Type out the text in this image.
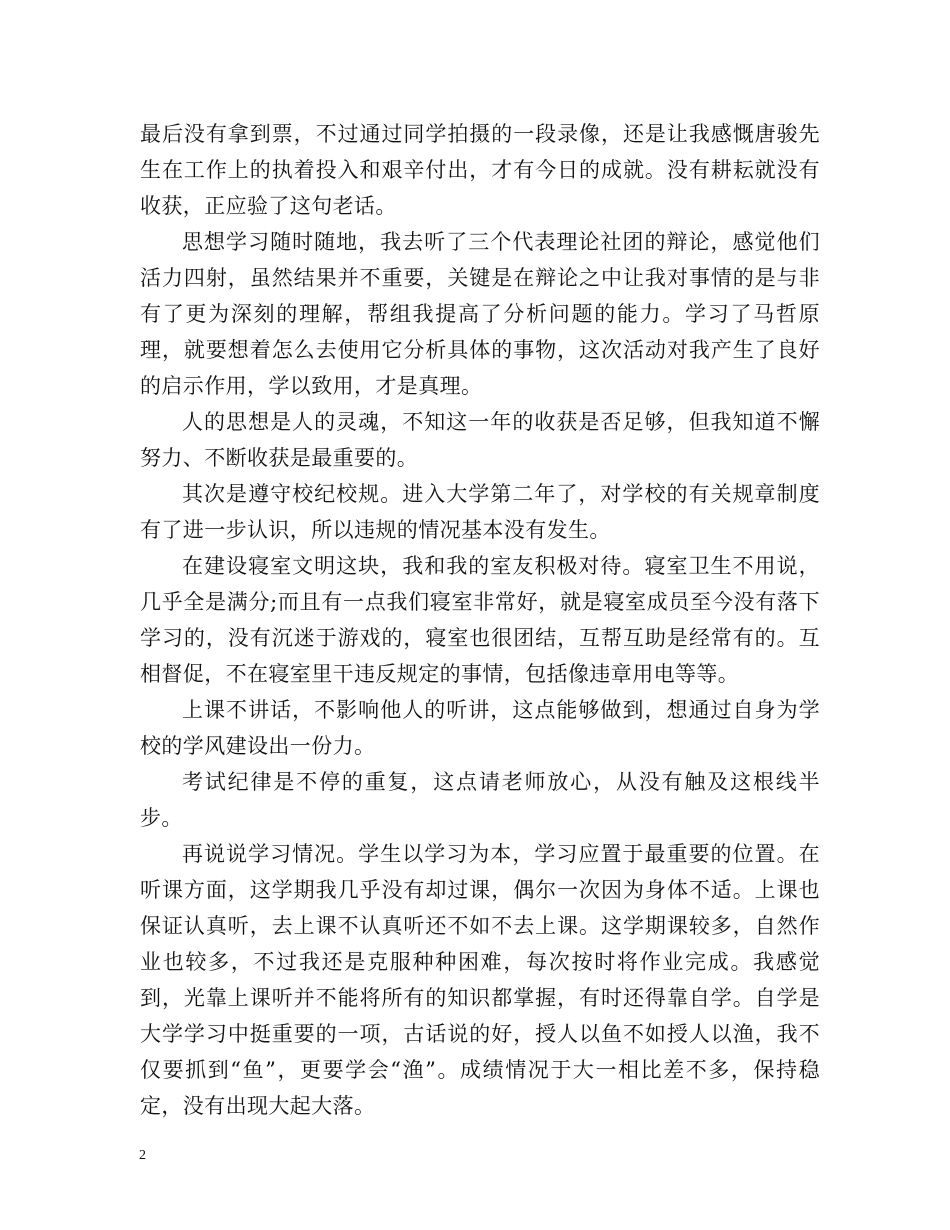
最后没有拿到票，不过通过同学拍摄的一段录像，还是让我感慨唐骏先生在工作上的执着投入和艰辛付出，才有今日的成就。没有耕耘就没有收获，正应验了这句老话。

思想学习随时随地，我去听了三个代表理论社团的辩论，感觉他们活力四射，虽然结果并不重要，关键是在辩论之中让我对事情的是与非有了更为深刻的理解，帮组我提高了分析问题的能力。学习了马哲原理，就要想着怎么去使用它分析具体的事物，这次活动对我产生了良好的启示作用，学以致用，才是真理。

人的思想是人的灵魂，不知这一年的收获是否足够，但我知道不懈努力、不断收获是最重要的。

其次是遵守校纪校规。进入大学第二年了，对学校的有关规章制度有了进一步认识，所以违规的情况基本没有发生。

在建设寝室文明这块，我和我的室友积极对待。寝室卫生不用说，几乎全是满分;而且有一点我们寝室非常好，就是寝室成员至今没有落下学习的，没有沉迷于游戏的，寝室也很团结，互帮互助是经常有的。互相督促，不在寝室里干违反规定的事情，包括像违章用电等等。

上课不讲话，不影响他人的听讲，这点能够做到，想通过自身为学校的学风建设出一份力。

考试纪律是不停的重复，这点请老师放心，从没有触及这根线半步。

再说说学习情况。学生以学习为本，学习应置于最重要的位置。在听课方面，这学期我几乎没有却过课，偶尔一次因为身体不适。上课也保证认真听，去上课不认真听还不如不去上课。这学期课较多，自然作业也较多，不过我还是克服种种困难，每次按时将作业完成。我感觉到，光靠上课听并不能将所有的知识都掌握，有时还得靠自学。自学是大学学习中挺重要的一项，古话说的好，授人以鱼不如授人以渔，我不仅要抓到“鱼”，更要学会“渔”。成绩情况于大一相比差不多，保持稳定，没有出现大起大落。

2
